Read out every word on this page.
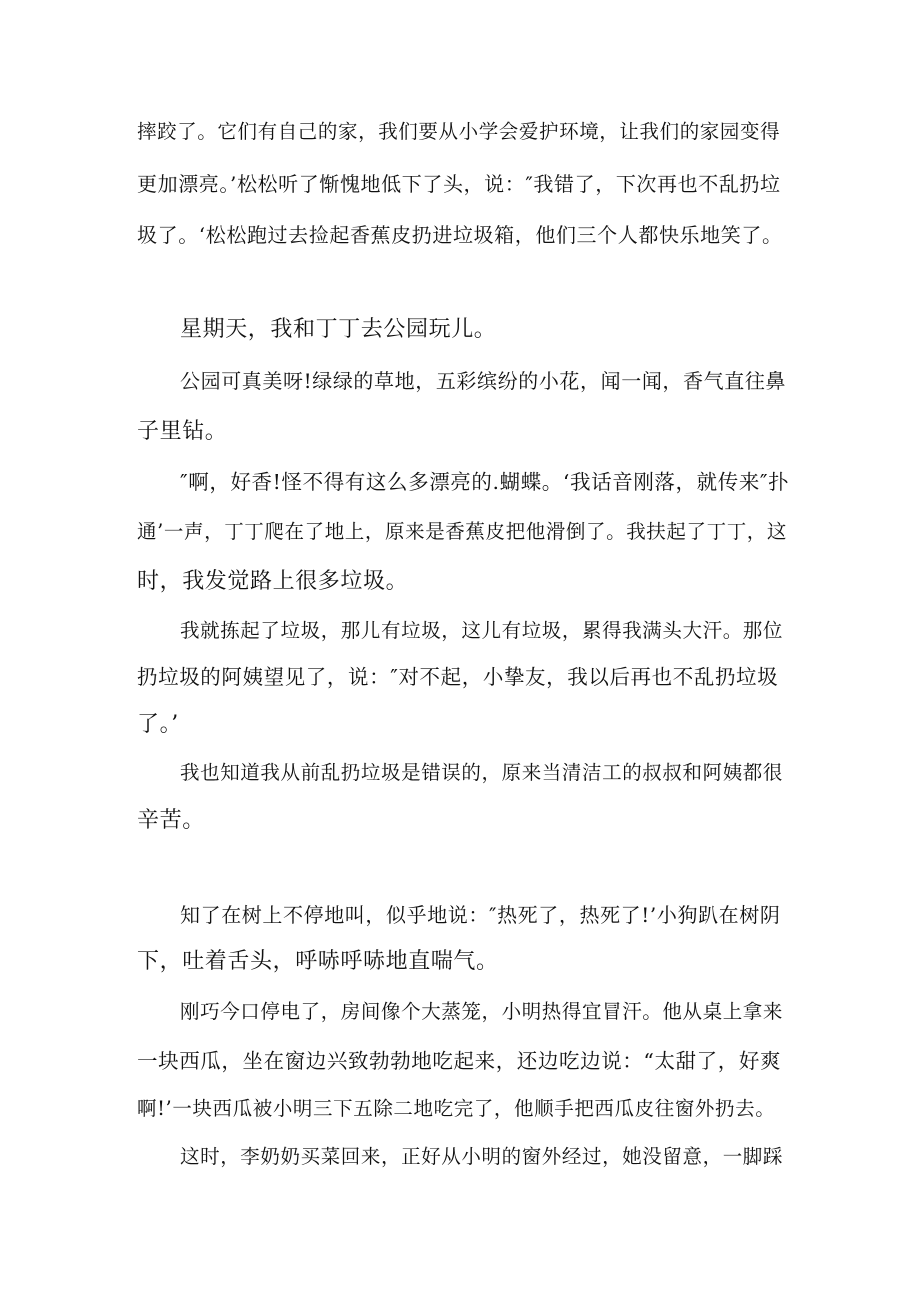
摔跤了。它们有自己的家，我们要从小学会爱护环境，让我们的家园变得
更加漂亮。’松松听了惭愧地低下了头，说：″我错了，下次再也不乱扔垃
圾了。‘松松跑过去捡起香蕉皮扔进垃圾箱，他们三个人都快乐地笑了。
星期天，我和丁丁去公园玩儿。
公园可真美呀!绿绿的草地，五彩缤纷的小花，闻一闻，香气直往鼻
子里钻。
″啊，好香!怪不得有这么多漂亮的.蝴蝶。‘我话音刚落，就传来″扑
通’一声，丁丁爬在了地上，原来是香蕉皮把他滑倒了。我扶起了丁丁，这
时，我发觉路上很多垃圾。
我就拣起了垃圾，那儿有垃圾，这儿有垃圾，累得我满头大汗。那位
扔垃圾的阿姨望见了，说：″对不起，小挚友，我以后再也不乱扔垃圾
了。’
我也知道我从前乱扔垃圾是错误的，原来当清洁工的叔叔和阿姨都很
辛苦。
知了在树上不停地叫，似乎地说：″热死了，热死了!’小狗趴在树阴
下，吐着舌头，呼哧呼哧地直喘气。
刚巧今口停电了，房间像个大蒸笼，小明热得宜冒汗。他从桌上拿来
一块西瓜，坐在窗边兴致勃勃地吃起来，还边吃边说：“太甜了，好爽
啊!’一块西瓜被小明三下五除二地吃完了，他顺手把西瓜皮往窗外扔去。
这时，李奶奶买菜回来，正好从小明的窗外经过，她没留意，一脚踩
